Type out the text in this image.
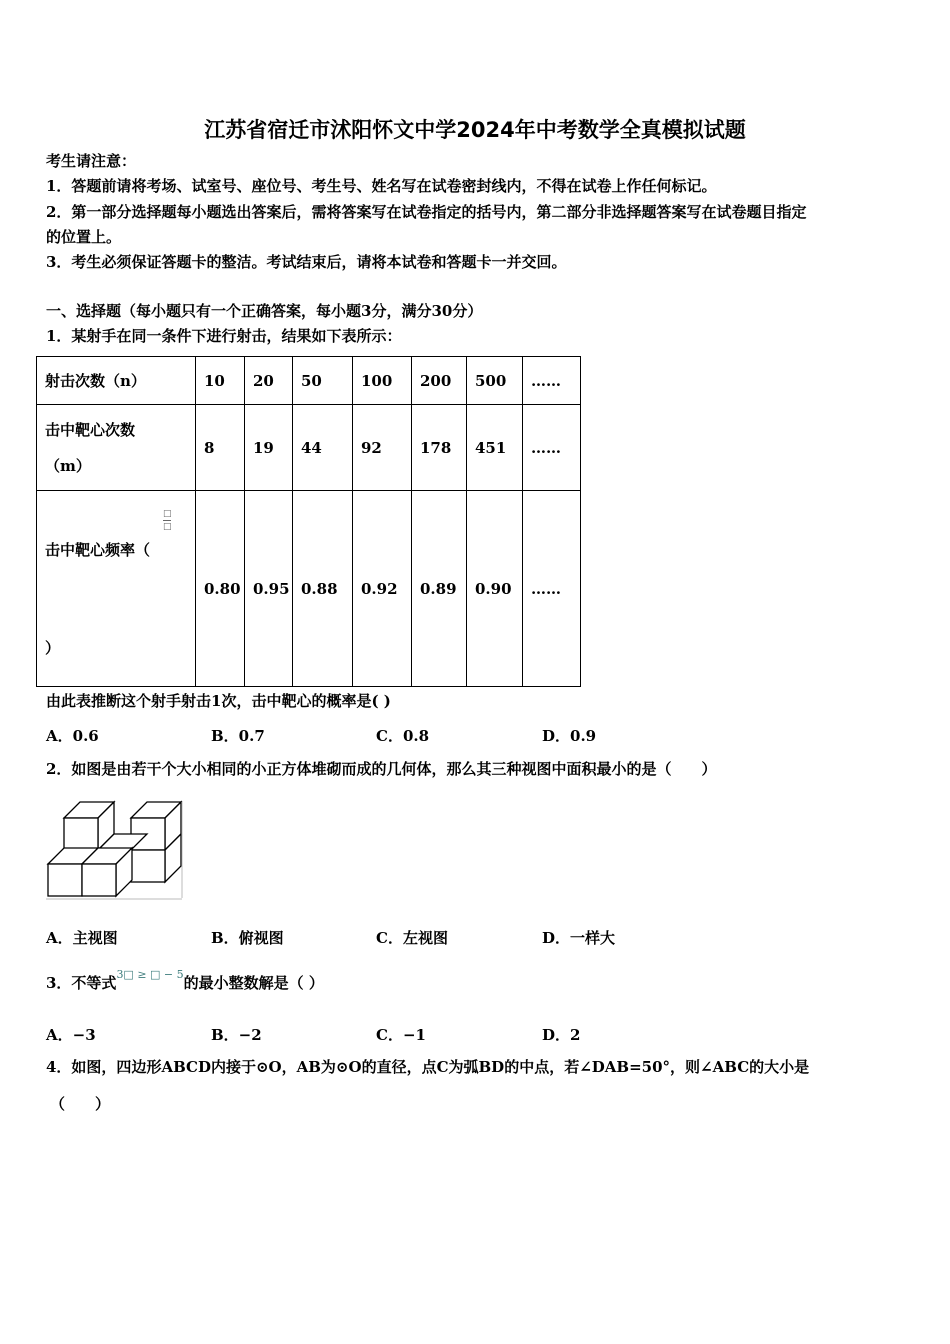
江苏省宿迁市沭阳怀文中学2024年中考数学全真模拟试题
考生请注意：
1．答题前请将考场、试室号、座位号、考生号、姓名写在试卷密封线内，不得在试卷上作任何标记。
2．第一部分选择题每小题选出答案后，需将答案写在试卷指定的括号内，第二部分非选择题答案写在试卷题目指定
的位置上。
3．考生必须保证答题卡的整洁。考试结束后，请将本试卷和答题卡一并交回。
一、选择题（每小题只有一个正确答案，每小题3分，满分30分）
1．某射手在同一条件下进行射击，结果如下表所示：
射击次数（n）	10	20	50	100	200	500	……

击中靶心次数
（m）	8	19	44	92	178	451	……

击中靶心频率（
□
□
）	0.80	0.95	0.88	0.92	0.89	0.90	……
由此表推断这个射手射击1次，击中靶心的概率是( )
A．0.6	B．0.7	C．0.8	D．0.9
2．如图是由若干个大小相同的小正方体堆砌而成的几何体，那么其三种视图中面积最小的是（　　）
A．主视图	B．俯视图	C．左视图	D．一样大
3．不等式3□ ≥ □ − 5的最小整数解是（ ）
A．−3	B．−2	C．−1	D．2
4．如图，四边形ABCD内接于⊙O，AB为⊙O的直径，点C为弧BD的中点，若∠DAB=50°，则∠ABC的大小是
（　　）
